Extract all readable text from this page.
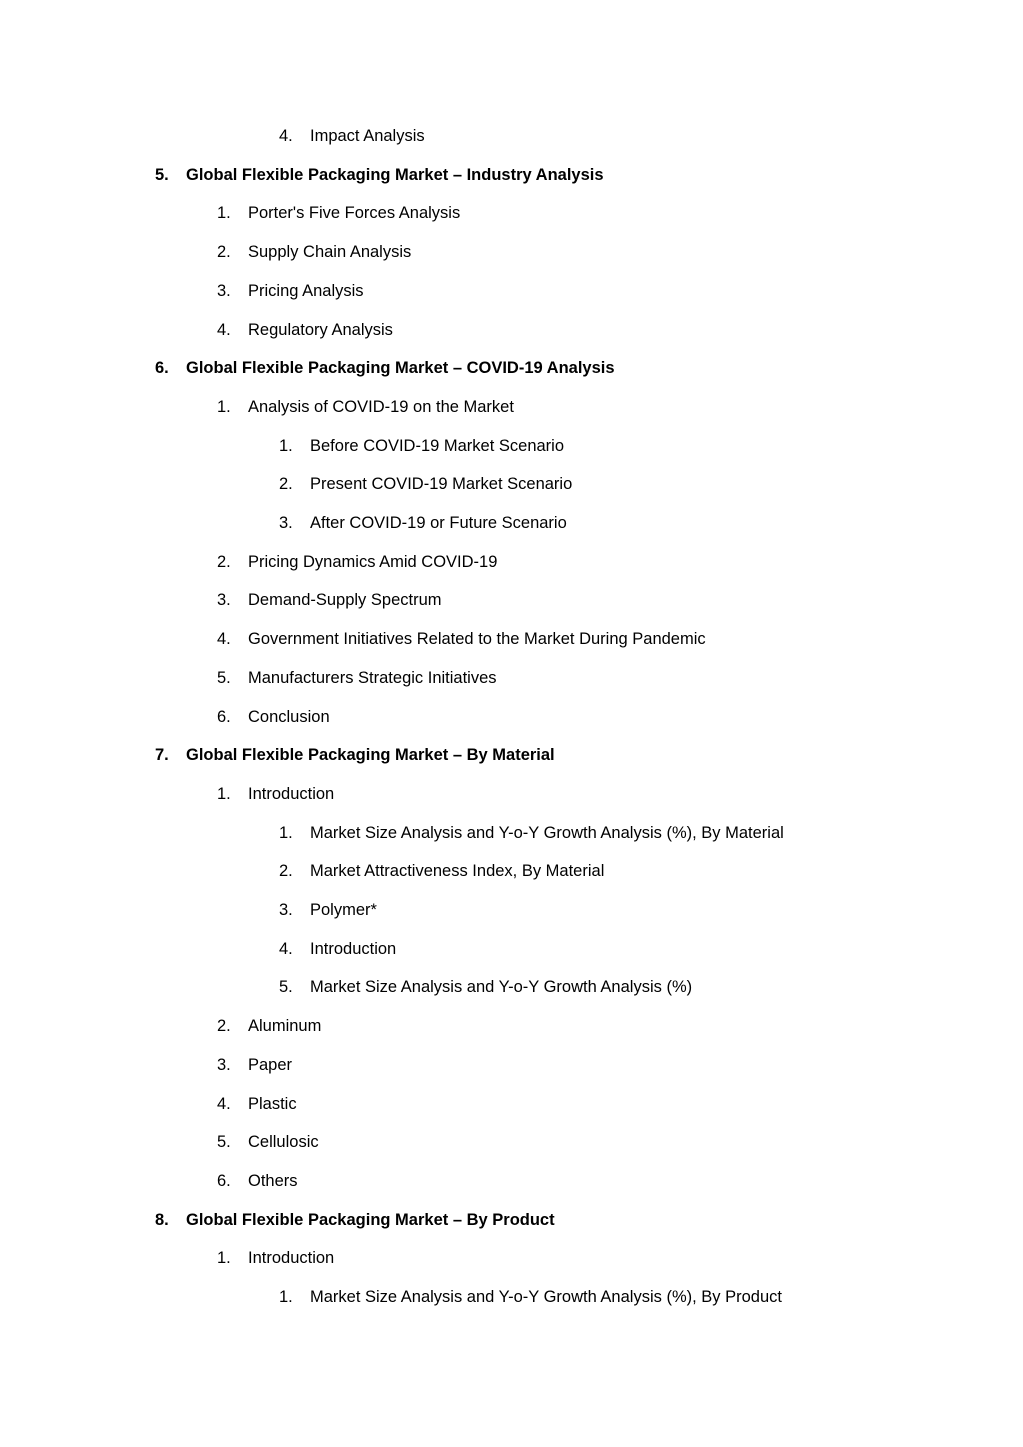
4. Impact Analysis
5. Global Flexible Packaging Market – Industry Analysis
1. Porter's Five Forces Analysis
2. Supply Chain Analysis
3. Pricing Analysis
4. Regulatory Analysis
6. Global Flexible Packaging Market – COVID-19 Analysis
1. Analysis of COVID-19 on the Market
1. Before COVID-19 Market Scenario
2. Present COVID-19 Market Scenario
3. After COVID-19 or Future Scenario
2. Pricing Dynamics Amid COVID-19
3. Demand-Supply Spectrum
4. Government Initiatives Related to the Market During Pandemic
5. Manufacturers Strategic Initiatives
6. Conclusion
7. Global Flexible Packaging Market – By Material
1. Introduction
1. Market Size Analysis and Y-o-Y Growth Analysis (%), By Material
2. Market Attractiveness Index, By Material
3. Polymer*
4. Introduction
5. Market Size Analysis and Y-o-Y Growth Analysis (%)
2. Aluminum
3. Paper
4. Plastic
5. Cellulosic
6. Others
8. Global Flexible Packaging Market – By Product
1. Introduction
1. Market Size Analysis and Y-o-Y Growth Analysis (%), By Product
